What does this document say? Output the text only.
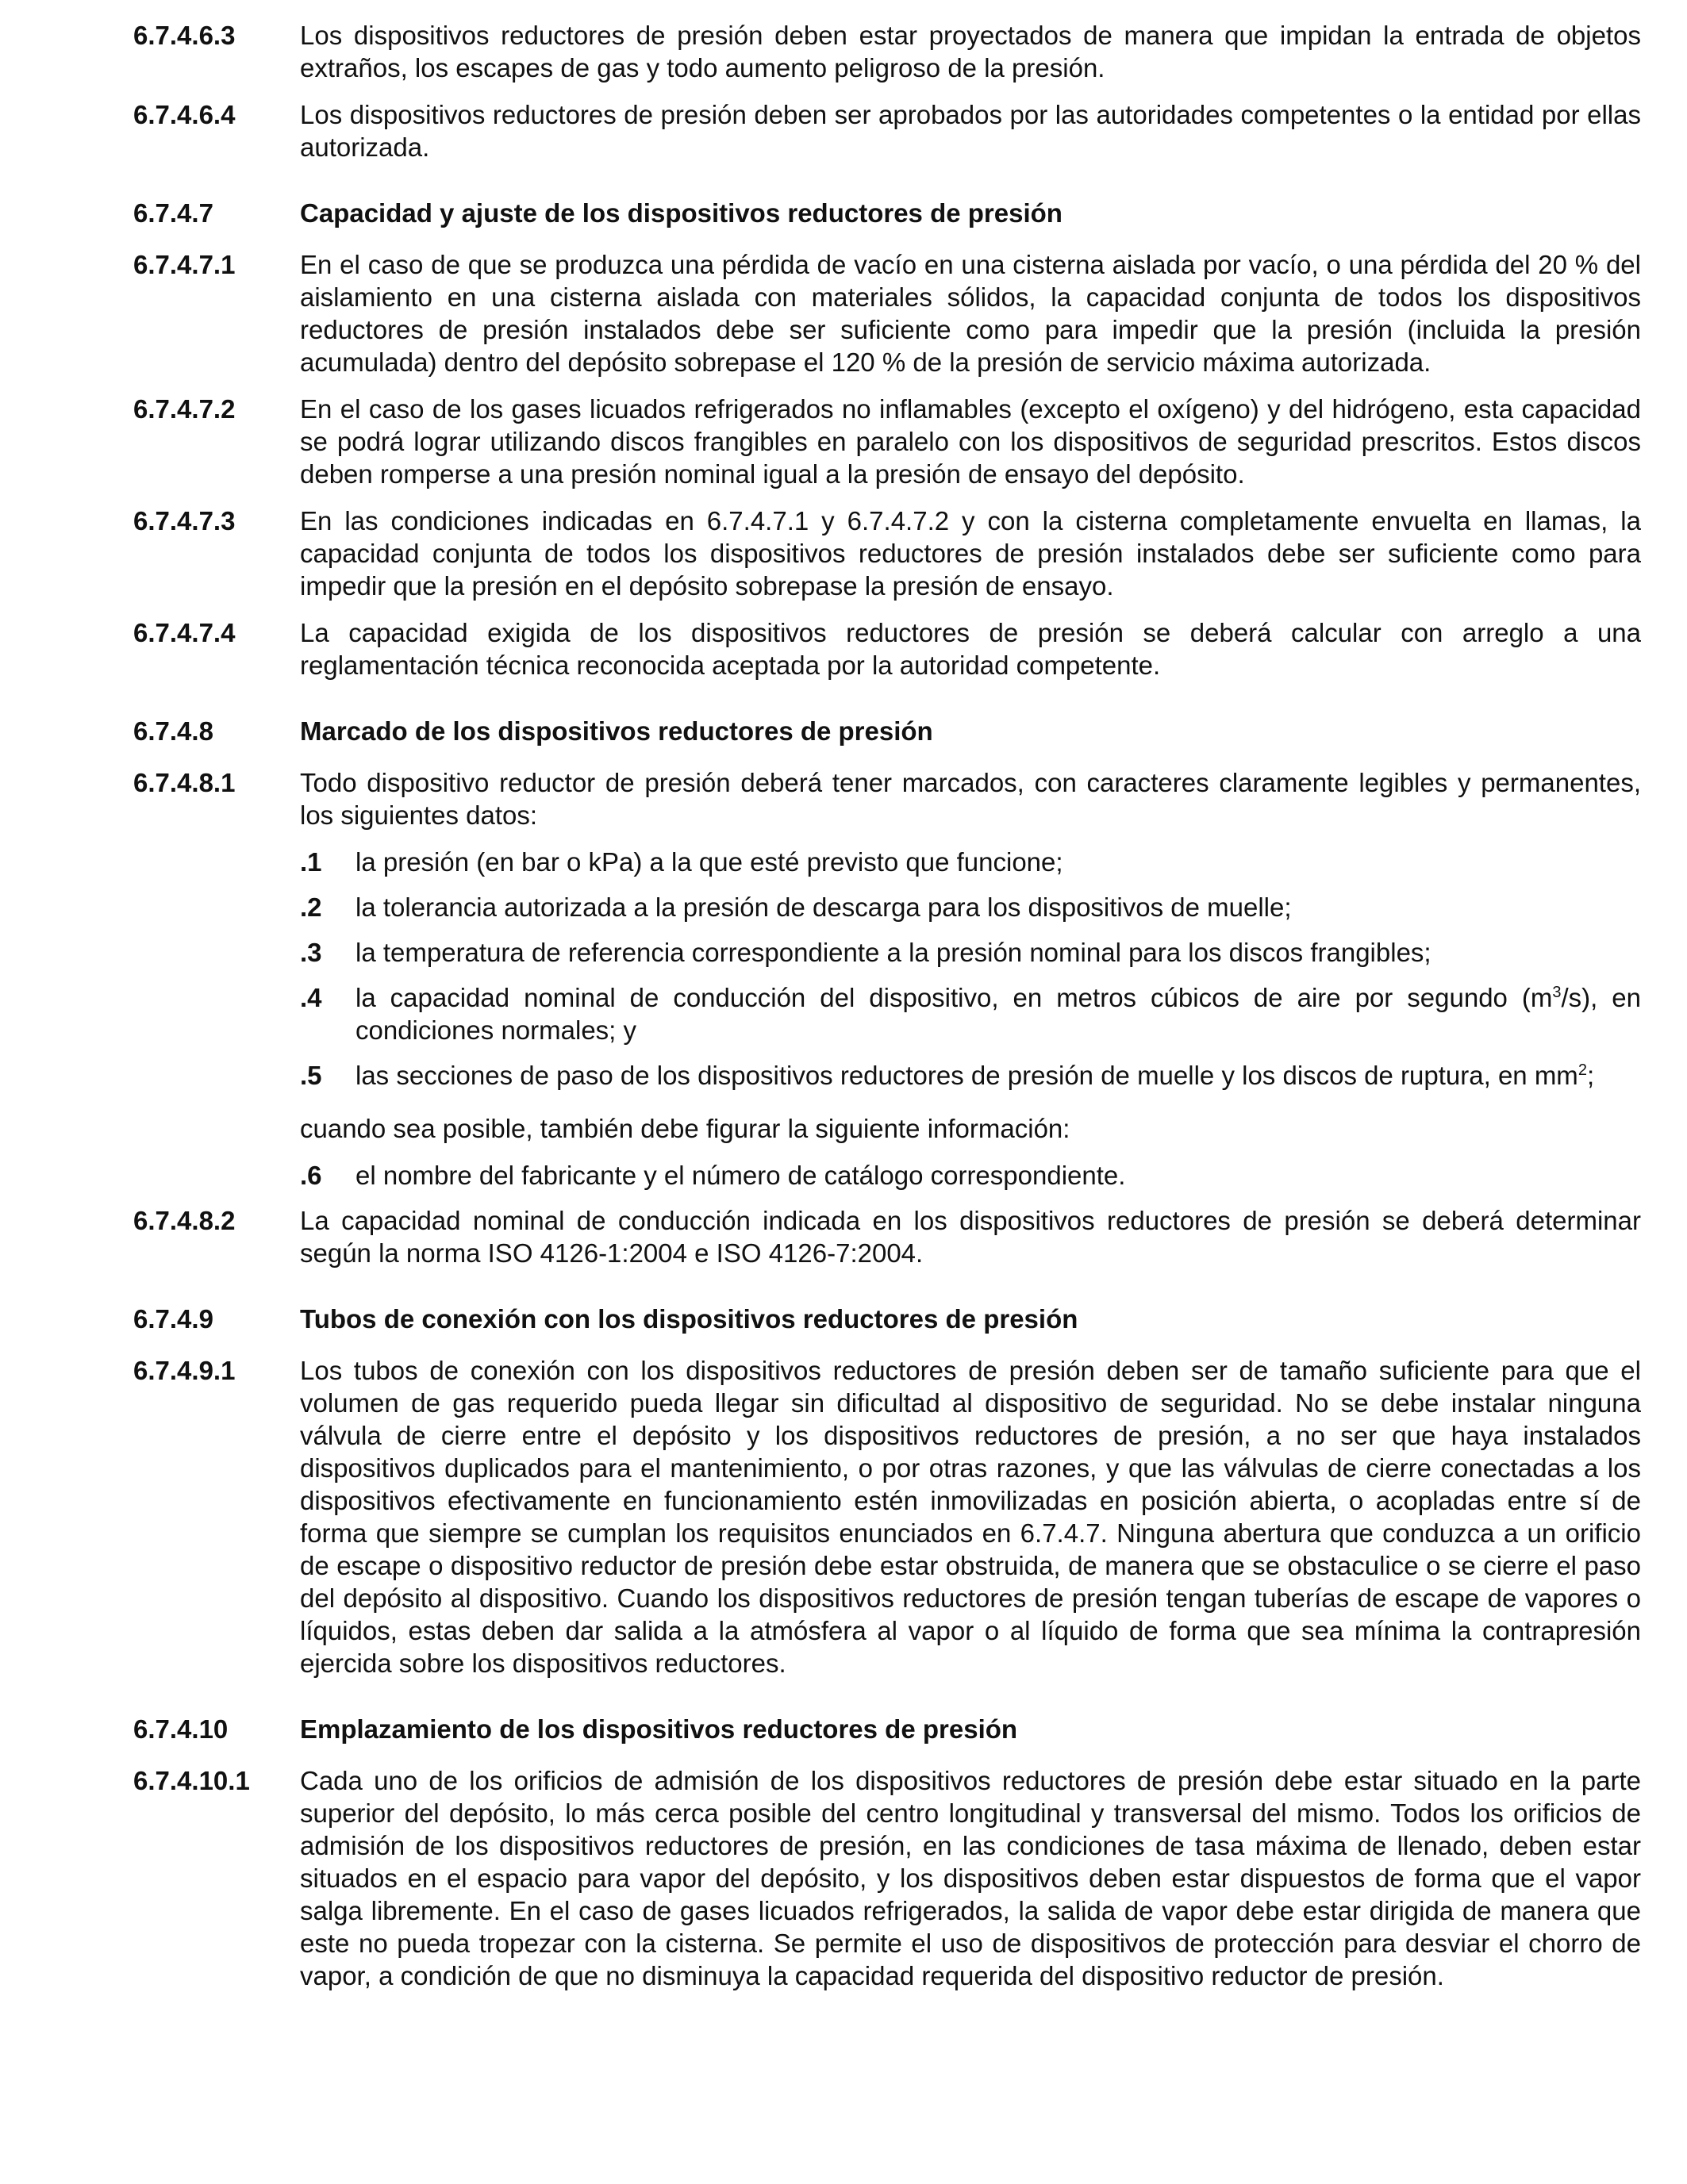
6.7.4.6.3	Los dispositivos reductores de presión deben estar proyectados de manera que impidan la entrada de objetos extraños, los escapes de gas y todo aumento peligroso de la presión.
6.7.4.6.4	Los dispositivos reductores de presión deben ser aprobados por las autoridades competentes o la entidad por ellas autorizada.
6.7.4.7	Capacidad y ajuste de los dispositivos reductores de presión
6.7.4.7.1	En el caso de que se produzca una pérdida de vacío en una cisterna aislada por vacío, o una pérdida del 20 % del aislamiento en una cisterna aislada con materiales sólidos, la capacidad conjunta de todos los dispositivos reductores de presión instalados debe ser suficiente como para impedir que la presión (incluida la presión acumulada) dentro del depósito sobrepase el 120 % de la presión de servicio máxima autorizada.
6.7.4.7.2	En el caso de los gases licuados refrigerados no inflamables (excepto el oxígeno) y del hidrógeno, esta capacidad se podrá lograr utilizando discos frangibles en paralelo con los dispositivos de seguridad prescritos. Estos discos deben romperse a una presión nominal igual a la presión de ensayo del depósito.
6.7.4.7.3	En las condiciones indicadas en 6.7.4.7.1 y 6.7.4.7.2 y con la cisterna completamente envuelta en llamas, la capacidad conjunta de todos los dispositivos reductores de presión instalados debe ser suficiente como para impedir que la presión en el depósito sobrepase la presión de ensayo.
6.7.4.7.4	La capacidad exigida de los dispositivos reductores de presión se deberá calcular con arreglo a una reglamentación técnica reconocida aceptada por la autoridad competente.
6.7.4.8	Marcado de los dispositivos reductores de presión
6.7.4.8.1	Todo dispositivo reductor de presión deberá tener marcados, con caracteres claramente legibles y permanentes, los siguientes datos:
.1	la presión (en bar o kPa) a la que esté previsto que funcione;
.2	la tolerancia autorizada a la presión de descarga para los dispositivos de muelle;
.3	la temperatura de referencia correspondiente a la presión nominal para los discos frangibles;
.4	la capacidad nominal de conducción del dispositivo, en metros cúbicos de aire por segundo $(m^3/s)$, en condiciones normales; y
.5	las secciones de paso de los dispositivos reductores de presión de muelle y los discos de ruptura, en $mm^2$;
cuando sea posible, también debe figurar la siguiente información:
.6	el nombre del fabricante y el número de catálogo correspondiente.
6.7.4.8.2	La capacidad nominal de conducción indicada en los dispositivos reductores de presión se deberá determinar según la norma ISO 4126-1:2004 e ISO 4126-7:2004.
6.7.4.9	Tubos de conexión con los dispositivos reductores de presión
6.7.4.9.1	Los tubos de conexión con los dispositivos reductores de presión deben ser de tamaño suficiente para que el volumen de gas requerido pueda llegar sin dificultad al dispositivo de seguridad. No se debe instalar ninguna válvula de cierre entre el depósito y los dispositivos reductores de presión, a no ser que haya instalados dispositivos duplicados para el mantenimiento, o por otras razones, y que las válvulas de cierre conectadas a los dispositivos efectivamente en funcionamiento estén inmovilizadas en posición abierta, o acopladas entre sí de forma que siempre se cumplan los requisitos enunciados en 6.7.4.7. Ninguna abertura que conduzca a un orificio de escape o dispositivo reductor de presión debe estar obstruida, de manera que se obstaculice o se cierre el paso del depósito al dispositivo. Cuando los dispositivos reductores de presión tengan tuberías de escape de vapores o líquidos, estas deben dar salida a la atmósfera al vapor o al líquido de forma que sea mínima la contrapresión ejercida sobre los dispositivos reductores.
6.7.4.10	Emplazamiento de los dispositivos reductores de presión
6.7.4.10.1	Cada uno de los orificios de admisión de los dispositivos reductores de presión debe estar situado en la parte superior del depósito, lo más cerca posible del centro longitudinal y transversal del mismo. Todos los orificios de admisión de los dispositivos reductores de presión, en las condiciones de tasa máxima de llenado, deben estar situados en el espacio para vapor del depósito, y los dispositivos deben estar dispuestos de forma que el vapor salga libremente. En el caso de gases licuados refrigerados, la salida de vapor debe estar dirigida de manera que este no pueda tropezar con la cisterna. Se permite el uso de dispositivos de protección para desviar el chorro de vapor, a condición de que no disminuya la capacidad requerida del dispositivo reductor de presión.
